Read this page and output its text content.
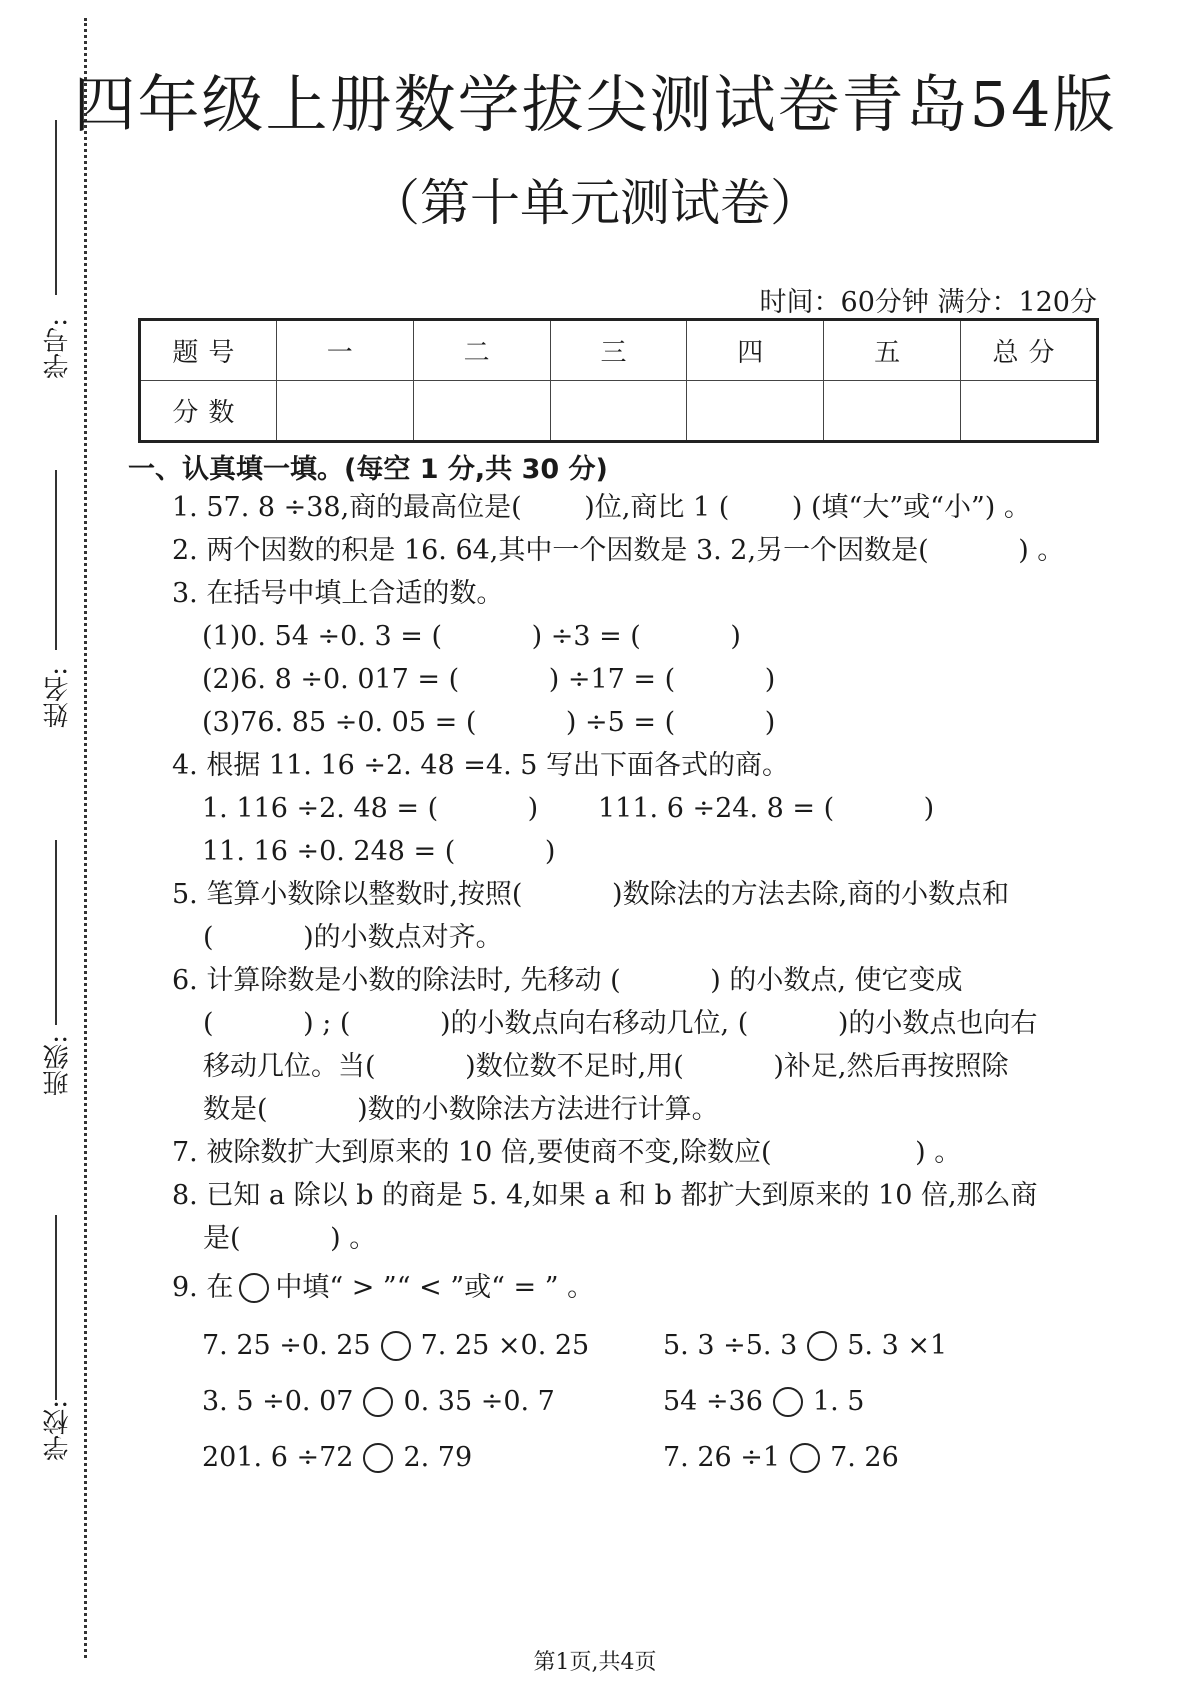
学号:
姓名:
班级:
学校:
四年级上册数学拔尖测试卷青岛54版
（第十单元测试卷）
时间：60分钟 满分：120分
题号	一	二	三	四	五	总分
分数						
一、认真填一填。(每空 1 分,共 30 分)
1. 57. 8 ÷38,商的最高位是(　　 )位,商比 1 (　　 ) (填“大”或“小”) 。
2. 两个因数的积是 16. 64,其中一个因数是 3. 2,另一个因数是(　　　 ) 。
3. 在括号中填上合适的数。
(1)0. 54 ÷0. 3 = (　　　 ) ÷3 = (　　　 )
(2)6. 8 ÷0. 017 = (　　　 ) ÷17 = (　　　 )
(3)76. 85 ÷0. 05 = (　　　 ) ÷5 = (　　　 )
4. 根据 11. 16 ÷2. 48 =4. 5 写出下面各式的商。
1. 116 ÷2. 48 = (　　　 ) 111. 6 ÷24. 8 = (　　　 )
11. 16 ÷0. 248 = (　　　 )
5. 笔算小数除以整数时,按照(　　　 )数除法的方法去除,商的小数点和
(　　　 )的小数点对齐。
6. 计算除数是小数的除法时, 先移动 (　　　 ) 的小数点, 使它变成
(　　　 ) ; (　　　 )的小数点向右移动几位, (　　　 )的小数点也向右
移动几位。当(　　　 )数位数不足时,用(　　　 )补足,然后再按照除
数是(　　　 )数的小数除法方法进行计算。
7. 被除数扩大到原来的 10 倍,要使商不变,除数应(　　　　　 ) 。
8. 已知 a 除以 b 的商是 5. 4,如果 a 和 b 都扩大到原来的 10 倍,那么商
是(　　　 ) 。
9. 在 中填“ > ”“ < ”或“ = ” 。
7. 25 ÷0. 25 7. 25 ×0. 25	5. 3 ÷5. 3 5. 3 ×1
3. 5 ÷0. 07 0. 35 ÷0. 7	54 ÷36 1. 5
201. 6 ÷72 2. 79	7. 26 ÷1 7. 26
第1页,共4页
